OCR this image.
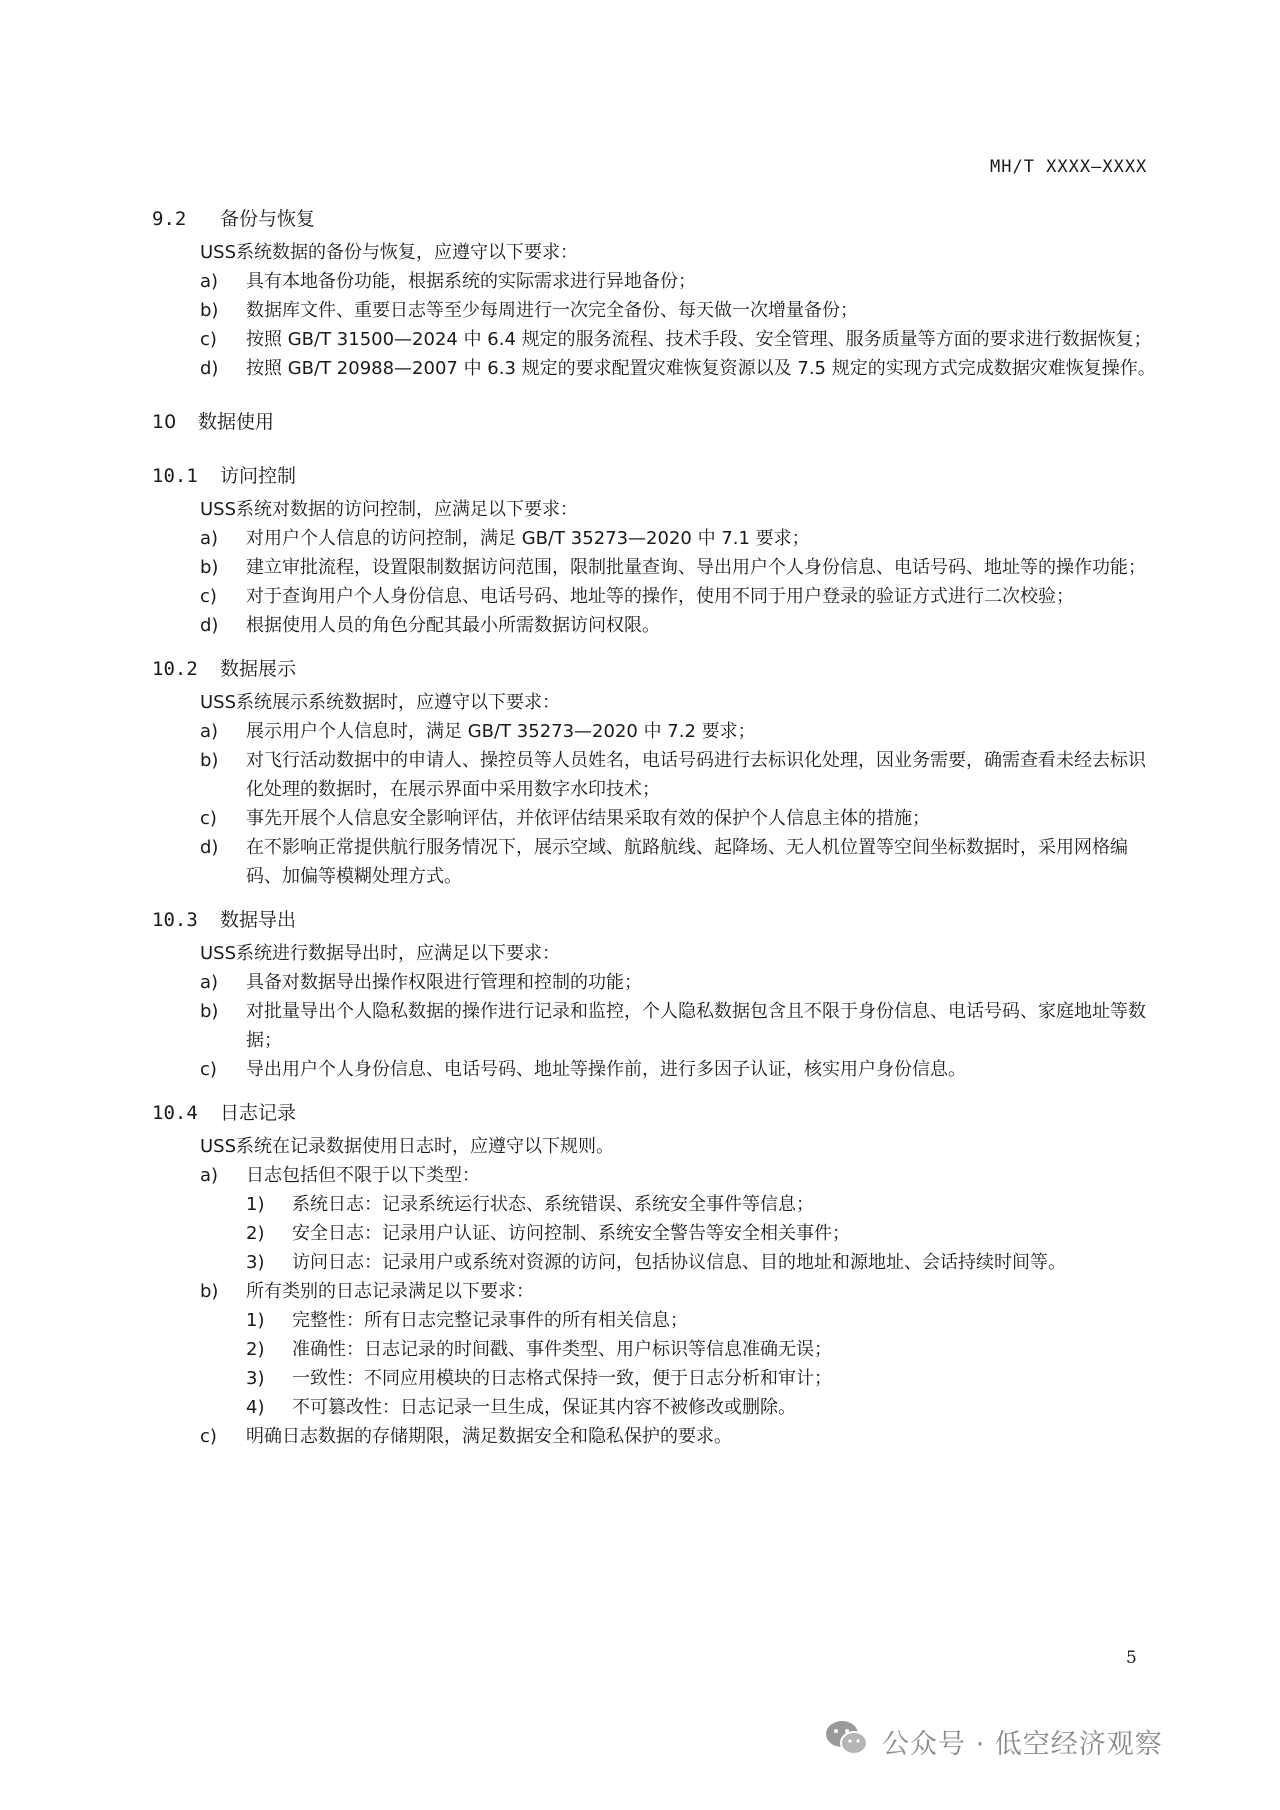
MH/T XXXX—XXXX
9.2	备份与恢复
USS系统数据的备份与恢复，应遵守以下要求：
a)	具有本地备份功能，根据系统的实际需求进行异地备份；
b)	数据库文件、重要日志等至少每周进行一次完全备份、每天做一次增量备份；
c)	按照 GB/T 31500—2024 中 6.4 规定的服务流程、技术手段、安全管理、服务质量等方面的要求进行数据恢复；
d)	按照 GB/T 20988—2007 中 6.3 规定的要求配置灾难恢复资源以及 7.5 规定的实现方式完成数据灾难恢复操作。
10	数据使用
10.1	访问控制
USS系统对数据的访问控制，应满足以下要求：
a)	对用户个人信息的访问控制，满足 GB/T 35273—2020 中 7.1 要求；
b)	建立审批流程，设置限制数据访问范围，限制批量查询、导出用户个人身份信息、电话号码、地址等的操作功能；
c)	对于查询用户个人身份信息、电话号码、地址等的操作，使用不同于用户登录的验证方式进行二次校验；
d)	根据使用人员的角色分配其最小所需数据访问权限。
10.2	数据展示
USS系统展示系统数据时，应遵守以下要求：
a)	展示用户个人信息时，满足 GB/T 35273—2020 中 7.2 要求；
b)	对飞行活动数据中的申请人、操控员等人员姓名，电话号码进行去标识化处理，因业务需要，确需查看未经去标识化处理的数据时，在展示界面中采用数字水印技术；
c)	事先开展个人信息安全影响评估，并依评估结果采取有效的保护个人信息主体的措施；
d)	在不影响正常提供航行服务情况下，展示空域、航路航线、起降场、无人机位置等空间坐标数据时，采用网格编码、加偏等模糊处理方式。
10.3	数据导出
USS系统进行数据导出时，应满足以下要求：
a)	具备对数据导出操作权限进行管理和控制的功能；
b)	对批量导出个人隐私数据的操作进行记录和监控，个人隐私数据包含且不限于身份信息、电话号码、家庭地址等数据；
c)	导出用户个人身份信息、电话号码、地址等操作前，进行多因子认证，核实用户身份信息。
10.4	日志记录
USS系统在记录数据使用日志时，应遵守以下规则。
a)	日志包括但不限于以下类型：
1)	系统日志：记录系统运行状态、系统错误、系统安全事件等信息；
2)	安全日志：记录用户认证、访问控制、系统安全警告等安全相关事件；
3)	访问日志：记录用户或系统对资源的访问，包括协议信息、目的地址和源地址、会话持续时间等。
b)	所有类别的日志记录满足以下要求：
1)	完整性：所有日志完整记录事件的所有相关信息；
2)	准确性：日志记录的时间戳、事件类型、用户标识等信息准确无误；
3)	一致性：不同应用模块的日志格式保持一致，便于日志分析和审计；
4)	不可篡改性：日志记录一旦生成，保证其内容不被修改或删除。
c)	明确日志数据的存储期限，满足数据安全和隐私保护的要求。
5
公众号 · 低空经济观察
